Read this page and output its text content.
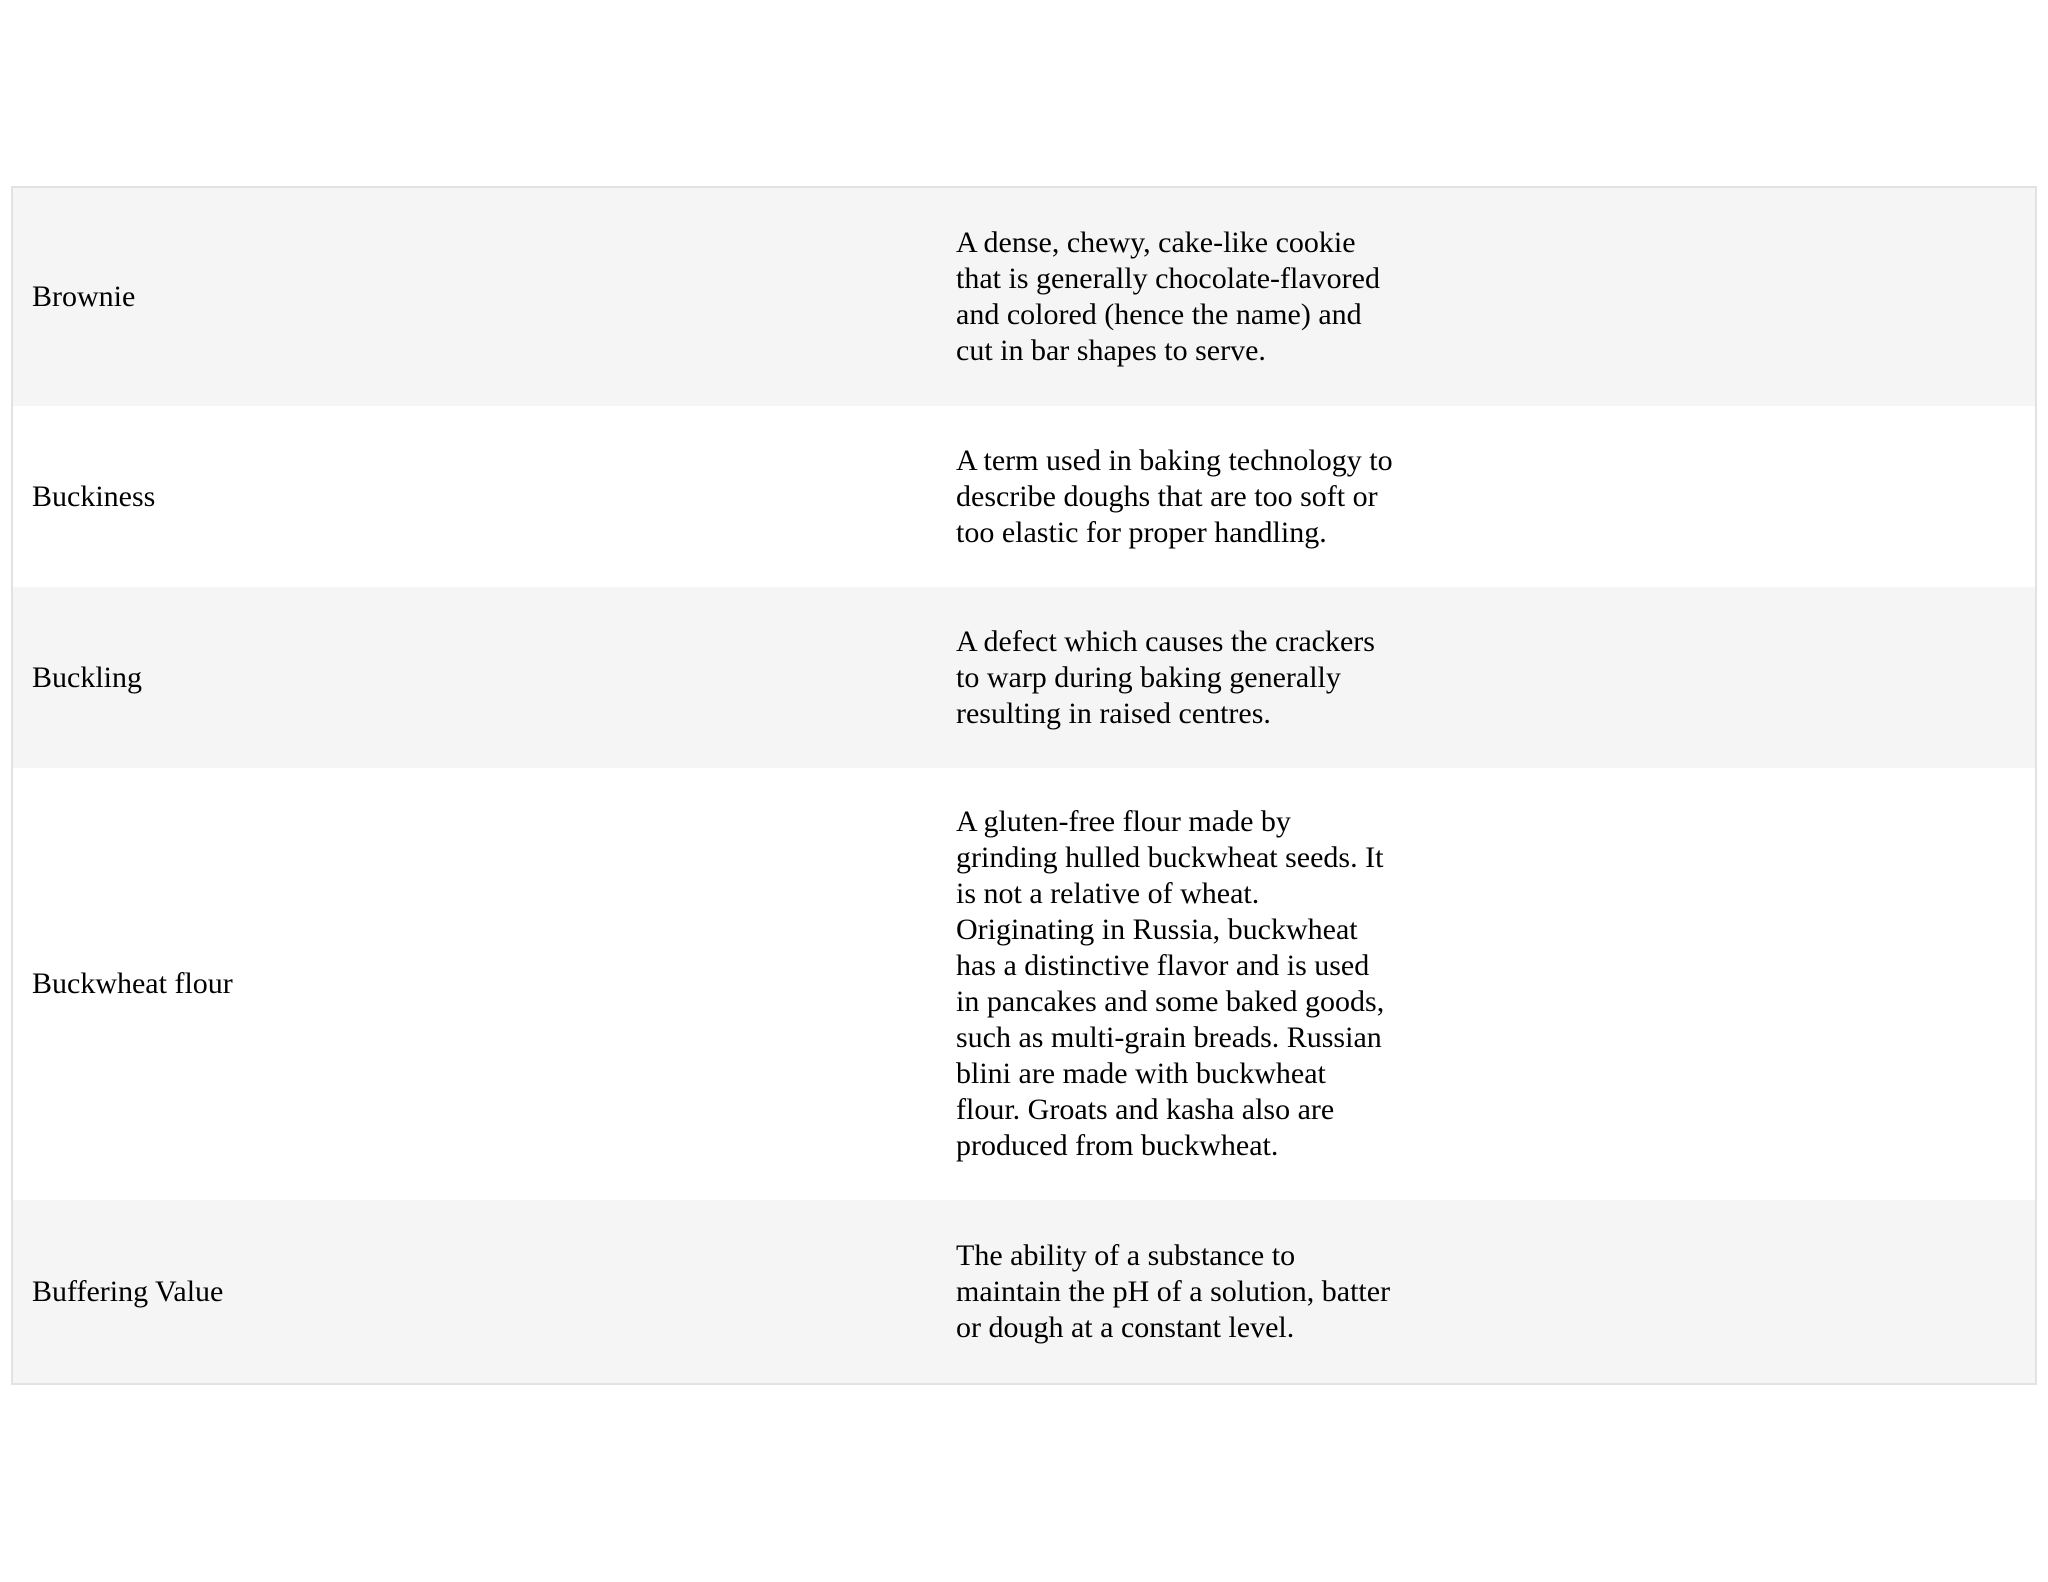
Brownie
A dense, chewy, cake-like cookie that is generally chocolate-flavored and colored (hence the name) and cut in bar shapes to serve.
Buckiness
A term used in baking technology to describe doughs that are too soft or too elastic for proper handling.
Buckling
A defect which causes the crackers to warp during baking generally resulting in raised centres.
Buckwheat flour
A gluten-free flour made by grinding hulled buckwheat seeds. It is not a relative of wheat. Originating in Russia, buckwheat has a distinctive flavor and is used in pancakes and some baked goods, such as multi-grain breads. Russian blini are made with buckwheat flour. Groats and kasha also are produced from buckwheat.
Buffering Value
The ability of a substance to maintain the pH of a solution, batter or dough at a constant level.
